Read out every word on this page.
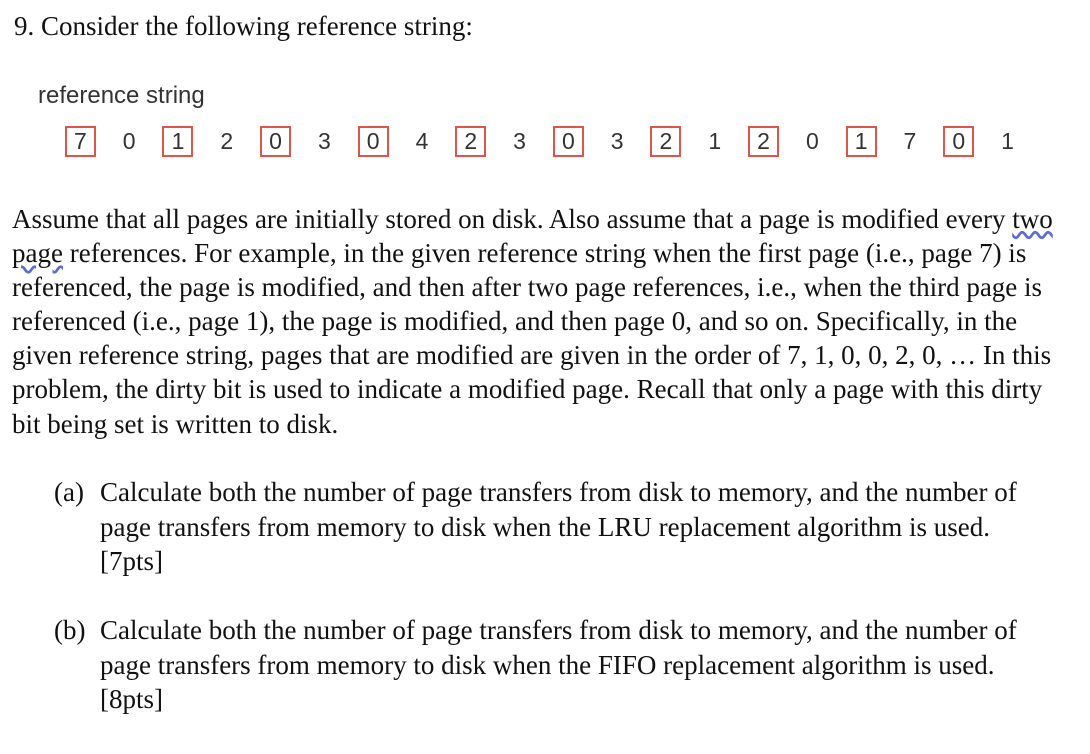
9. Consider the following reference string:
reference string
7 0 1 2 0 3 0 4 2 3 0 3 2 1 2 0 1 7 0 1

Assume that all pages are initially stored on disk. Also assume that a page is modified every two page references. For example, in the given reference string when the first page (i.e., page 7) is referenced, the page is modified, and then after two page references, i.e., when the third page is referenced (i.e., page 1), the page is modified, and then page 0, and so on. Specifically, in the given reference string, pages that are modified are given in the order of 7, 1, 0, 0, 2, 0, … In this problem, the dirty bit is used to indicate a modified page. Recall that only a page with this dirty bit being set is written to disk.

(a) Calculate both the number of page transfers from disk to memory, and the number of page transfers from memory to disk when the LRU replacement algorithm is used. [7pts]
(b) Calculate both the number of page transfers from disk to memory, and the number of page transfers from memory to disk when the FIFO replacement algorithm is used. [8pts]
